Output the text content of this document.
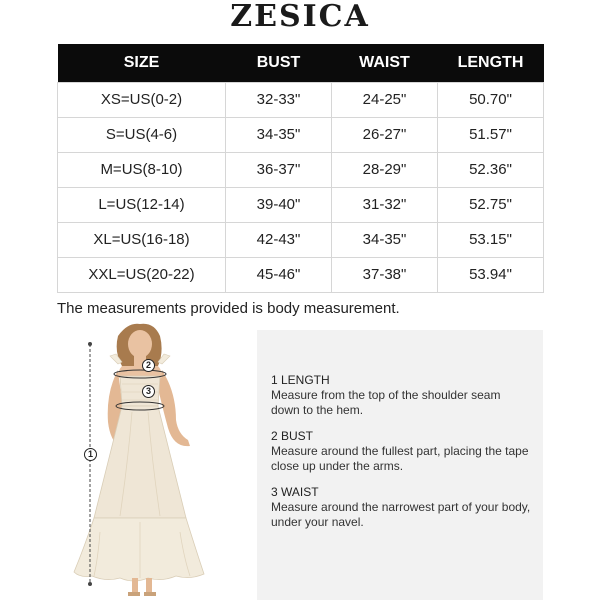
ZESICA
SIZE	BUST	WAIST	LENGTH
XS=US(0-2)	32-33"	24-25"	50.70"
S=US(4-6)	34-35"	26-27"	51.57"
M=US(8-10)	36-37"	28-29"	52.36"
L=US(12-14)	39-40"	31-32"	52.75"
XL=US(16-18)	42-43"	34-35"	53.15"
XXL=US(20-22)	45-46"	37-38"	53.94"
The measurements provided is body measurement.
1
2
3
1 LENGTH
Measure from the top of the shoulder seam down to the hem.
2 BUST
Measure around the fullest part, placing the tape close up under the arms.
3 WAIST
Measure around the narrowest part of your body, under your navel.
